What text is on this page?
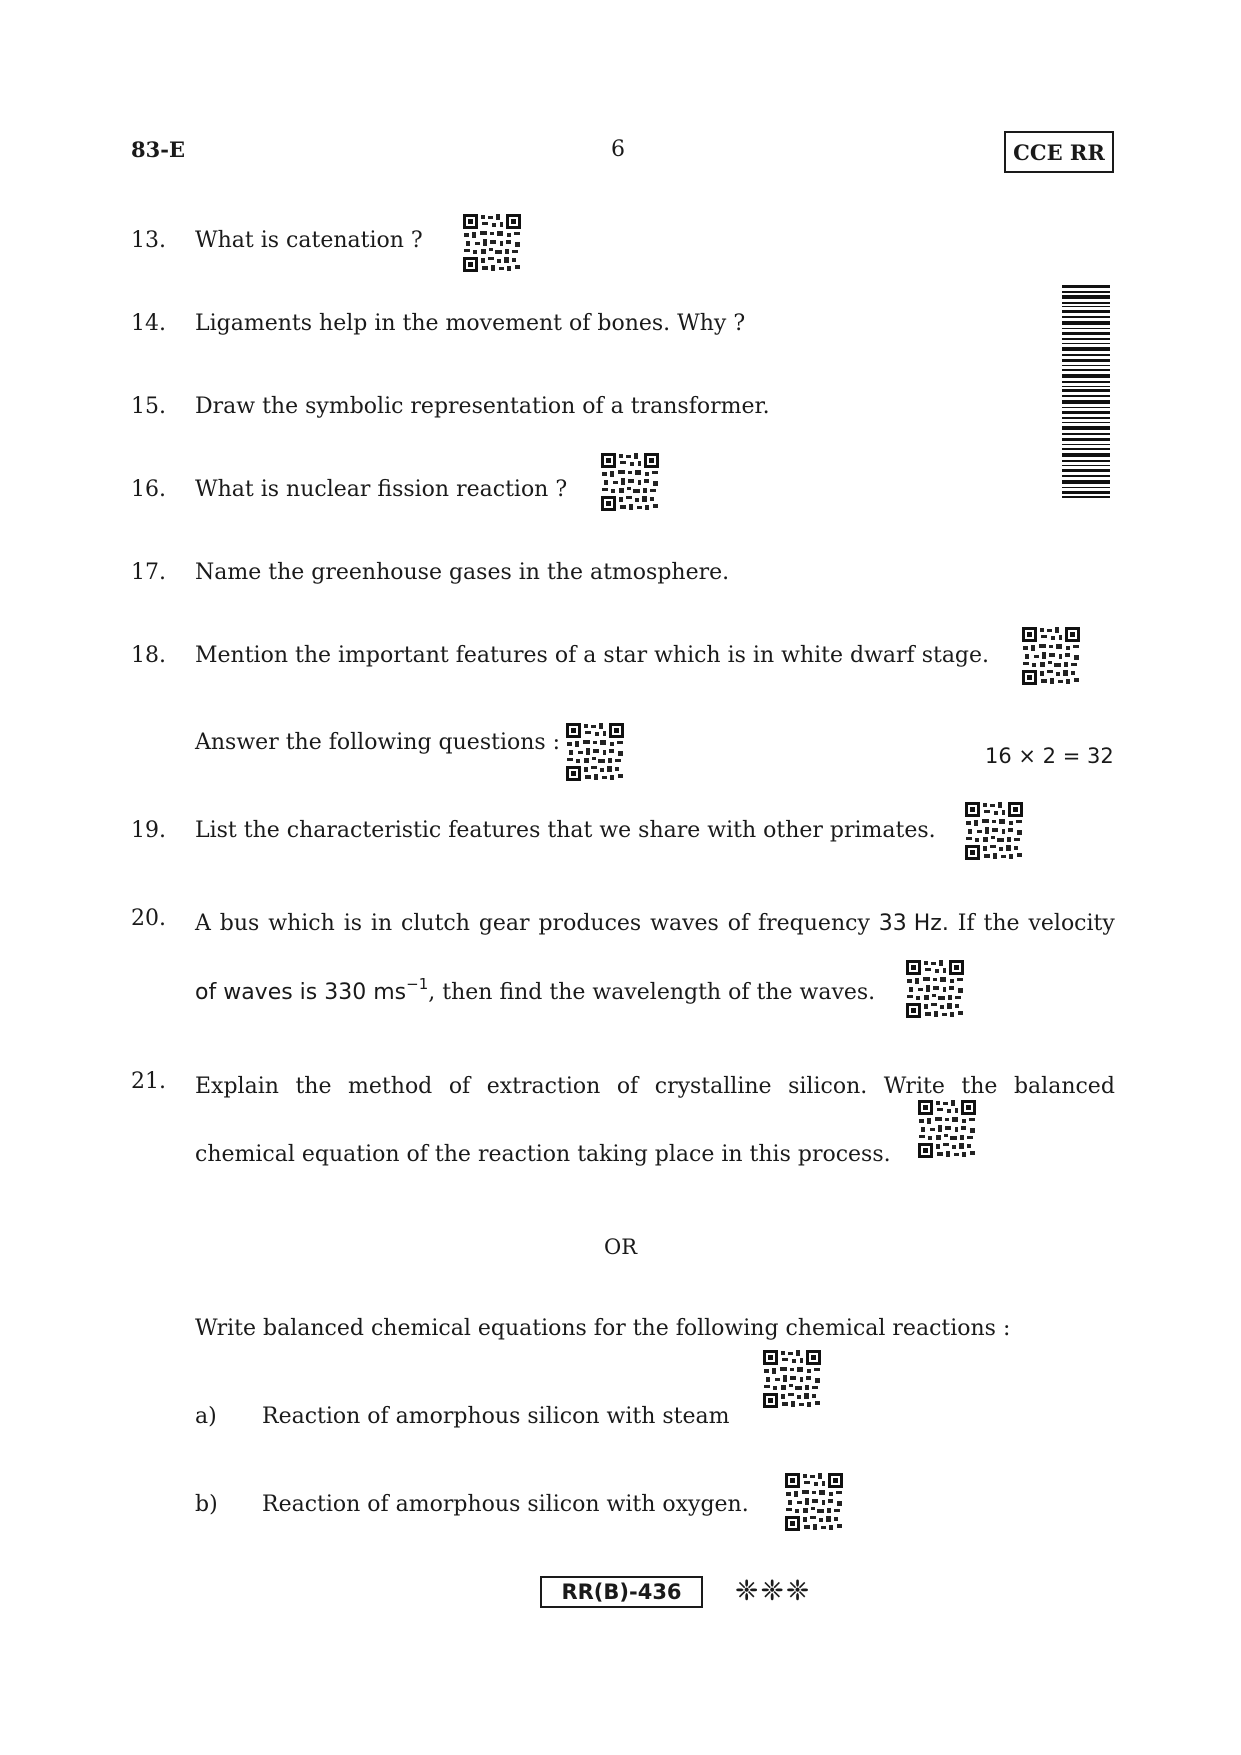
83-E	6	CCE RR
13. What is catenation ?
14. Ligaments help in the movement of bones. Why ?
15. Draw the symbolic representation of a transformer.
16. What is nuclear fission reaction ?
17. Name the greenhouse gases in the atmosphere.
18. Mention the important features of a star which is in white dwarf stage.
Answer the following questions :
16 × 2 = 32
19. List the characteristic features that we share with other primates.
20. A bus which is in clutch gear produces waves of frequency 33 Hz. If the velocity
of waves is 330 $ms^{-1}$, then find the wavelength of the waves.
21. Explain the method of extraction of crystalline silicon. Write the balanced
chemical equation of the reaction taking place in this process.
OR
Write balanced chemical equations for the following chemical reactions :
a) Reaction of amorphous silicon with steam
b) Reaction of amorphous silicon with oxygen.
RR(B)-436	❈❈❈
